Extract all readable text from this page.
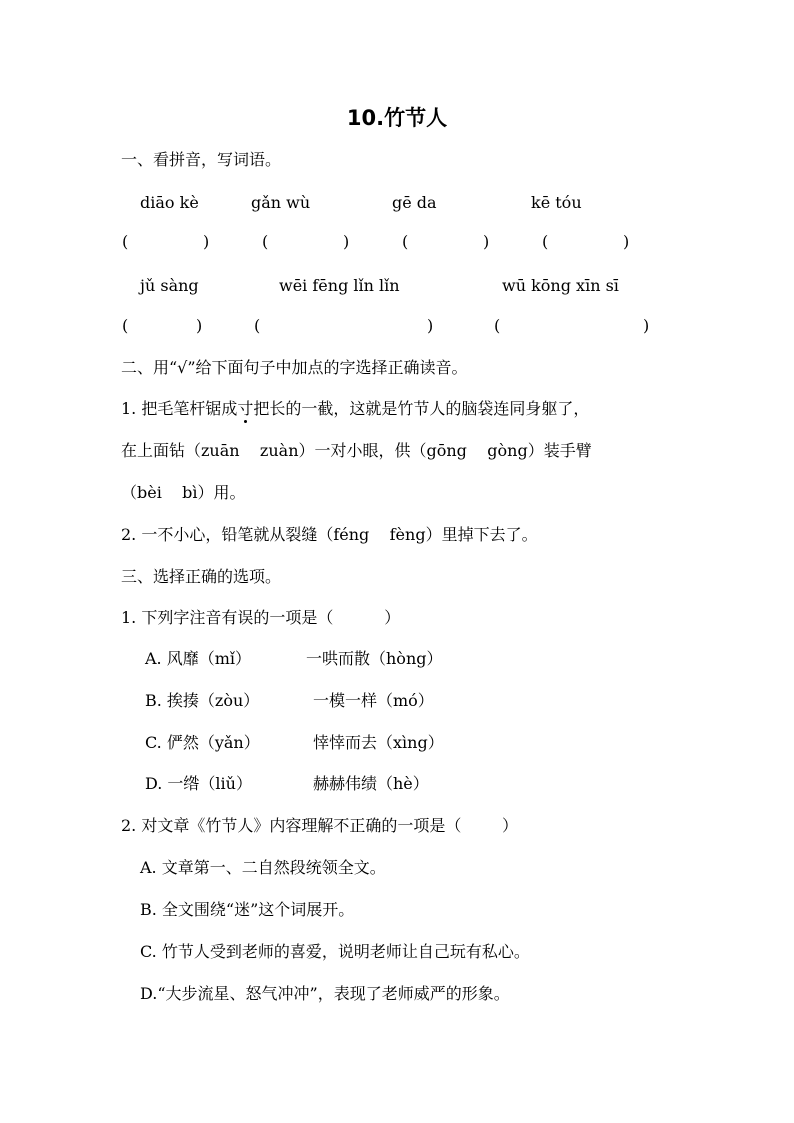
10.竹节人
一、看拼音，写词语。
diāo kè	gǎn wù	gē da	kē tóu
(	)	(	)	(	)	(	)
jǔ sàng	wēi fēng lǐn lǐn	wū kōng xīn sī
(	)	(	)	(	)
二、用“√”给下面句子中加点的字选择正确读音。
1. 把毛笔杆锯成寸把长的一截，这就是竹节人的脑袋连同身躯了，
在上面钻（zuān    zuàn）一对小眼，供（gōng    gòng）装手臂
（bèi    bì）用。
2. 一不小心，铅笔就从裂缝（féng    fèng）里掉下去了。
三、选择正确的选项。
1. 下列字注音有误的一项是（          ）
A. 风靡（mǐ）	一哄而散（hòng）
B. 挨揍（zòu）	一模一样（mó）
C. 俨然（yǎn）	悻悻而去（xìng）
D. 一绺（liǔ）	赫赫伟绩（hè）
2. 对文章《竹节人》内容理解不正确的一项是（        ）
A. 文章第一、二自然段统领全文。
B. 全文围绕“迷”这个词展开。
C. 竹节人受到老师的喜爱，说明老师让自己玩有私心。
D.“大步流星、怒气冲冲”，表现了老师威严的形象。
